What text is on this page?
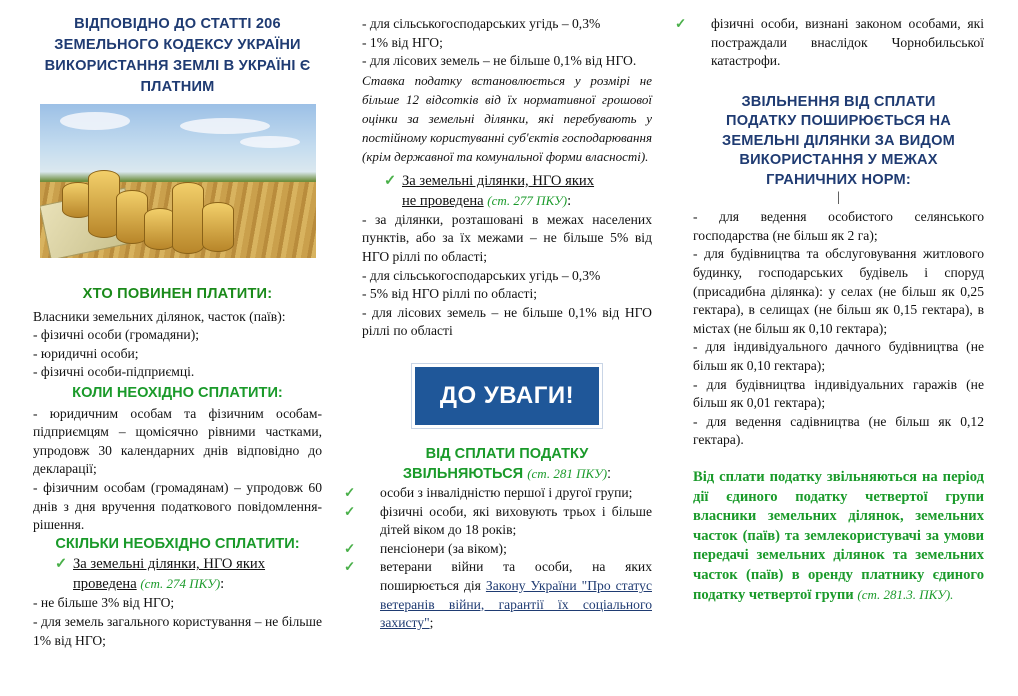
ВІДПОВІДНО ДО СТАТТІ 206 ЗЕМЕЛЬНОГО КОДЕКСУ УКРАЇНИ ВИКОРИСТАННЯ ЗЕМЛІ В УКРАЇНІ Є ПЛАТНИМ
ХТО ПОВИНЕН ПЛАТИТИ:

Власники земельних ділянок, часток (паїв):

- фізичні особи (громадяни);

- юридичні особи;

- фізичні особи-підприємці.

КОЛИ НЕОХІДНО СПЛАТИТИ:

- юридичним особам та фізичним особам-підприємцям – щомісячно рівними частками, упродовж 30 календарних днів відповідно до декларації;

- фізичним особам (громадянам) – упродовж 60 днів з дня вручення податкового повідомлення-рішення.

СКІЛЬКИ НЕОБХІДНО СПЛАТИТИ:
✓ За земельні ділянки, НГО яких
проведена (ст. 274 ПКУ):

- не більше 3% від НГО;

- для земель загального користування – не більше 1% від НГО;

- для сільськогосподарських угідь – 0,3%

- 1% від НГО;

- для лісових земель – не більше 0,1% від НГО.

Ставка податку встановлюється у розмірі не більше 12 відсотків від їх нормативної грошової оцінки за земельні ділянки, які перебувають у постійному користуванні суб'єктів господарювання (крім державної та комунальної форми власності).

✓ За земельні ділянки, НГО яких
не проведена (ст. 277 ПКУ):

- за ділянки, розташовані в межах населених пунктів, або за їх межами – не більше 5% від НГО ріллі по області;

- для сільськогосподарських угідь – 0,3%

- 5% від НГО ріллі по області;

- для лісових земель – не більше 0,1% від НГО ріллі по області

ДО УВАГИ!
ВІД СПЛАТИ ПОДАТКУ
ЗВІЛЬНЯЮТЬСЯ (ст. 281 ПКУ):

✓ особи з інвалідністю першої і другої групи;

✓ фізичні особи, які виховують трьох і більше дітей віком до 18 років;

✓ пенсіонери (за віком);

✓ ветерани війни та особи, на яких поширюється дія Закону України "Про статус ветеранів війни, гарантії їх соціального захисту";

✓ фізичні особи, визнані законом особами, які постраждали внаслідок Чорнобильської катастрофи.

ЗВІЛЬНЕННЯ ВІД СПЛАТИ ПОДАТКУ ПОШИРЮЄТЬСЯ НА ЗЕМЕЛЬНІ ДІЛЯНКИ ЗА ВИДОМ ВИКОРИСТАННЯ У МЕЖАХ ГРАНИЧНИХ НОРМ:
|

- для ведення особистого селянського господарства (не більш як 2 га);

- для будівництва та обслуговування житлового будинку, господарських будівель і споруд (присадибна ділянка): у селах (не більш як 0,25 гектара), в селищах (не більш як 0,15 гектара), в містах (не більш як 0,10 гектара);

- для індивідуального дачного будівництва (не більш як 0,10 гектара);

- для будівництва індивідуальних гаражів (не більш як 0,01 гектара);

- для ведення садівництва (не більш як 0,12 гектара).

Від сплати податку звільняються на період дії єдиного податку четвертої групи власники земельних ділянок, земельних часток (паїв) та землекористувачі за умови передачі земельних ділянок та земельних часток (паїв) в оренду платнику єдиного податку четвертої групи (ст. 281.3. ПКУ).
